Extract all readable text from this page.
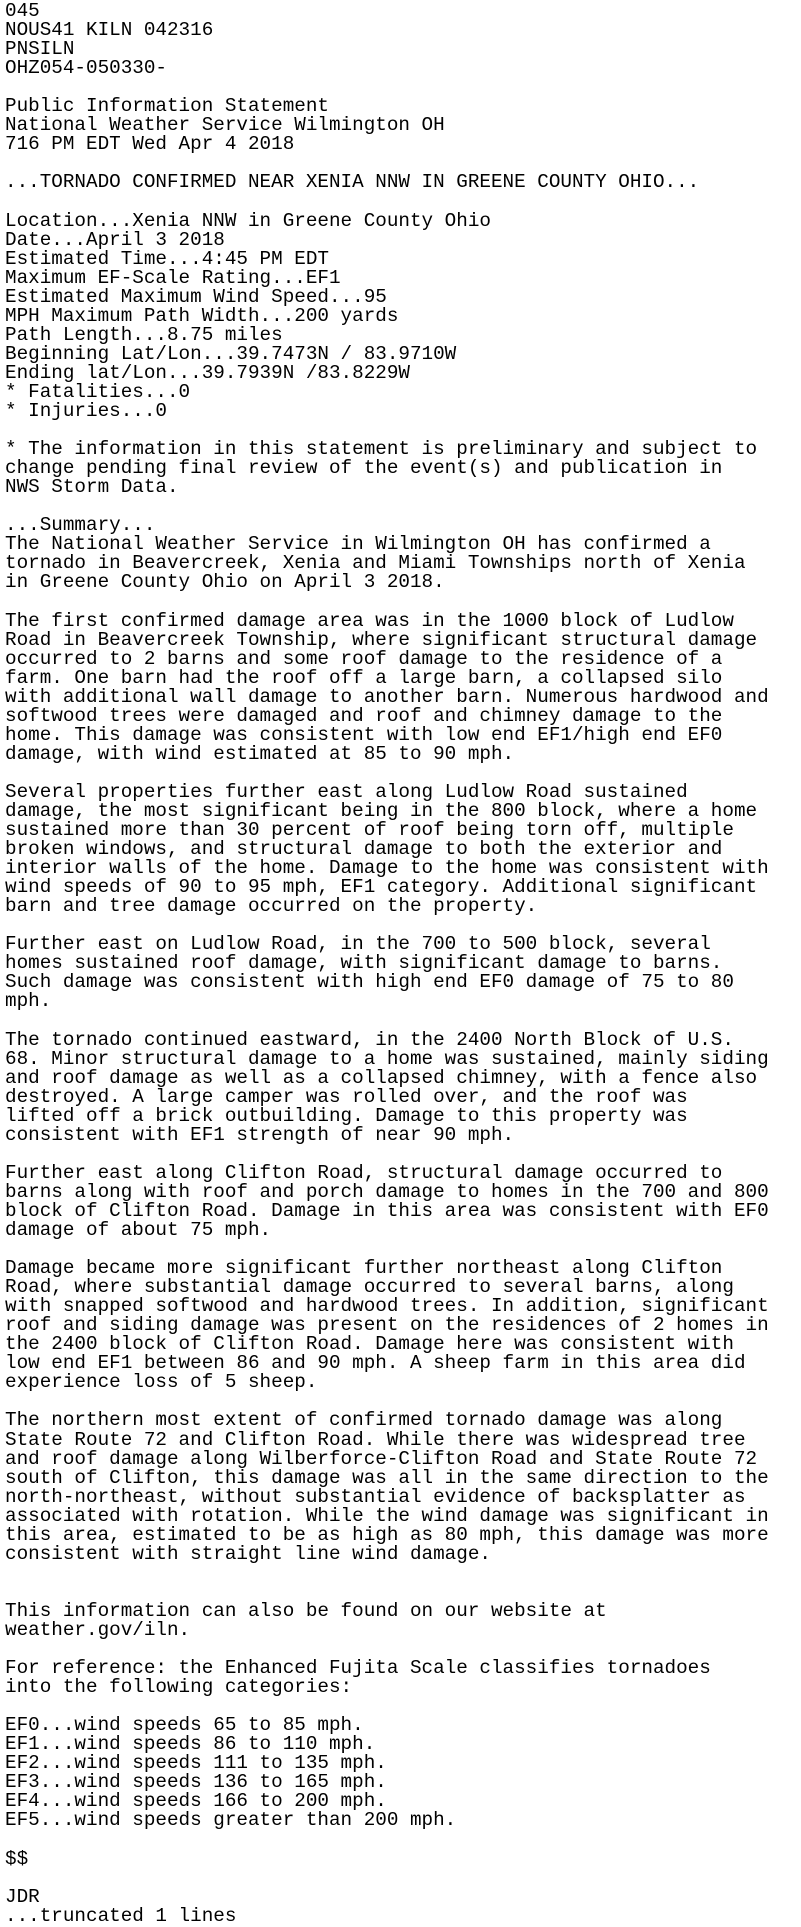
045
NOUS41 KILN 042316
PNSILN
OHZ054-050330-
Public Information Statement
National Weather Service Wilmington OH
716 PM EDT Wed Apr 4 2018
...TORNADO CONFIRMED NEAR XENIA NNW IN GREENE COUNTY OHIO...
Location...Xenia NNW in Greene County Ohio
Date...April 3 2018
Estimated Time...4:45 PM EDT
Maximum EF-Scale Rating...EF1
Estimated Maximum Wind Speed...95
MPH Maximum Path Width...200 yards
Path Length...8.75 miles
Beginning Lat/Lon...39.7473N / 83.9710W
Ending lat/Lon...39.7939N /83.8229W
* Fatalities...0
* Injuries...0
* The information in this statement is preliminary and subject to
change pending final review of the event(s) and publication in
NWS Storm Data.
...Summary...
The National Weather Service in Wilmington OH has confirmed a
tornado in Beavercreek, Xenia and Miami Townships north of Xenia
in Greene County Ohio on April 3 2018.
The first confirmed damage area was in the 1000 block of Ludlow
Road in Beavercreek Township, where significant structural damage
occurred to 2 barns and some roof damage to the residence of a
farm. One barn had the roof off a large barn, a collapsed silo
with additional wall damage to another barn. Numerous hardwood and
softwood trees were damaged and roof and chimney damage to the
home. This damage was consistent with low end EF1/high end EF0
damage, with wind estimated at 85 to 90 mph.
Several properties further east along Ludlow Road sustained
damage, the most significant being in the 800 block, where a home
sustained more than 30 percent of roof being torn off, multiple
broken windows, and structural damage to both the exterior and
interior walls of the home. Damage to the home was consistent with
wind speeds of 90 to 95 mph, EF1 category. Additional significant
barn and tree damage occurred on the property.
Further east on Ludlow Road, in the 700 to 500 block, several
homes sustained roof damage, with significant damage to barns.
Such damage was consistent with high end EF0 damage of 75 to 80
mph.
The tornado continued eastward, in the 2400 North Block of U.S.
68. Minor structural damage to a home was sustained, mainly siding
and roof damage as well as a collapsed chimney, with a fence also
destroyed. A large camper was rolled over, and the roof was
lifted off a brick outbuilding. Damage to this property was
consistent with EF1 strength of near 90 mph.
Further east along Clifton Road, structural damage occurred to
barns along with roof and porch damage to homes in the 700 and 800
block of Clifton Road. Damage in this area was consistent with EF0
damage of about 75 mph.
Damage became more significant further northeast along Clifton
Road, where substantial damage occurred to several barns, along
with snapped softwood and hardwood trees. In addition, significant
roof and siding damage was present on the residences of 2 homes in
the 2400 block of Clifton Road. Damage here was consistent with
low end EF1 between 86 and 90 mph. A sheep farm in this area did
experience loss of 5 sheep.
The northern most extent of confirmed tornado damage was along
State Route 72 and Clifton Road. While there was widespread tree
and roof damage along Wilberforce-Clifton Road and State Route 72
south of Clifton, this damage was all in the same direction to the
north-northeast, without substantial evidence of backsplatter as
associated with rotation. While the wind damage was significant in
this area, estimated to be as high as 80 mph, this damage was more
consistent with straight line wind damage.
This information can also be found on our website at
weather.gov/iln.
For reference: the Enhanced Fujita Scale classifies tornadoes
into the following categories:
EF0...wind speeds 65 to 85 mph.
EF1...wind speeds 86 to 110 mph.
EF2...wind speeds 111 to 135 mph.
EF3...wind speeds 136 to 165 mph.
EF4...wind speeds 166 to 200 mph.
EF5...wind speeds greater than 200 mph.
$$
JDR
...truncated 1 lines
